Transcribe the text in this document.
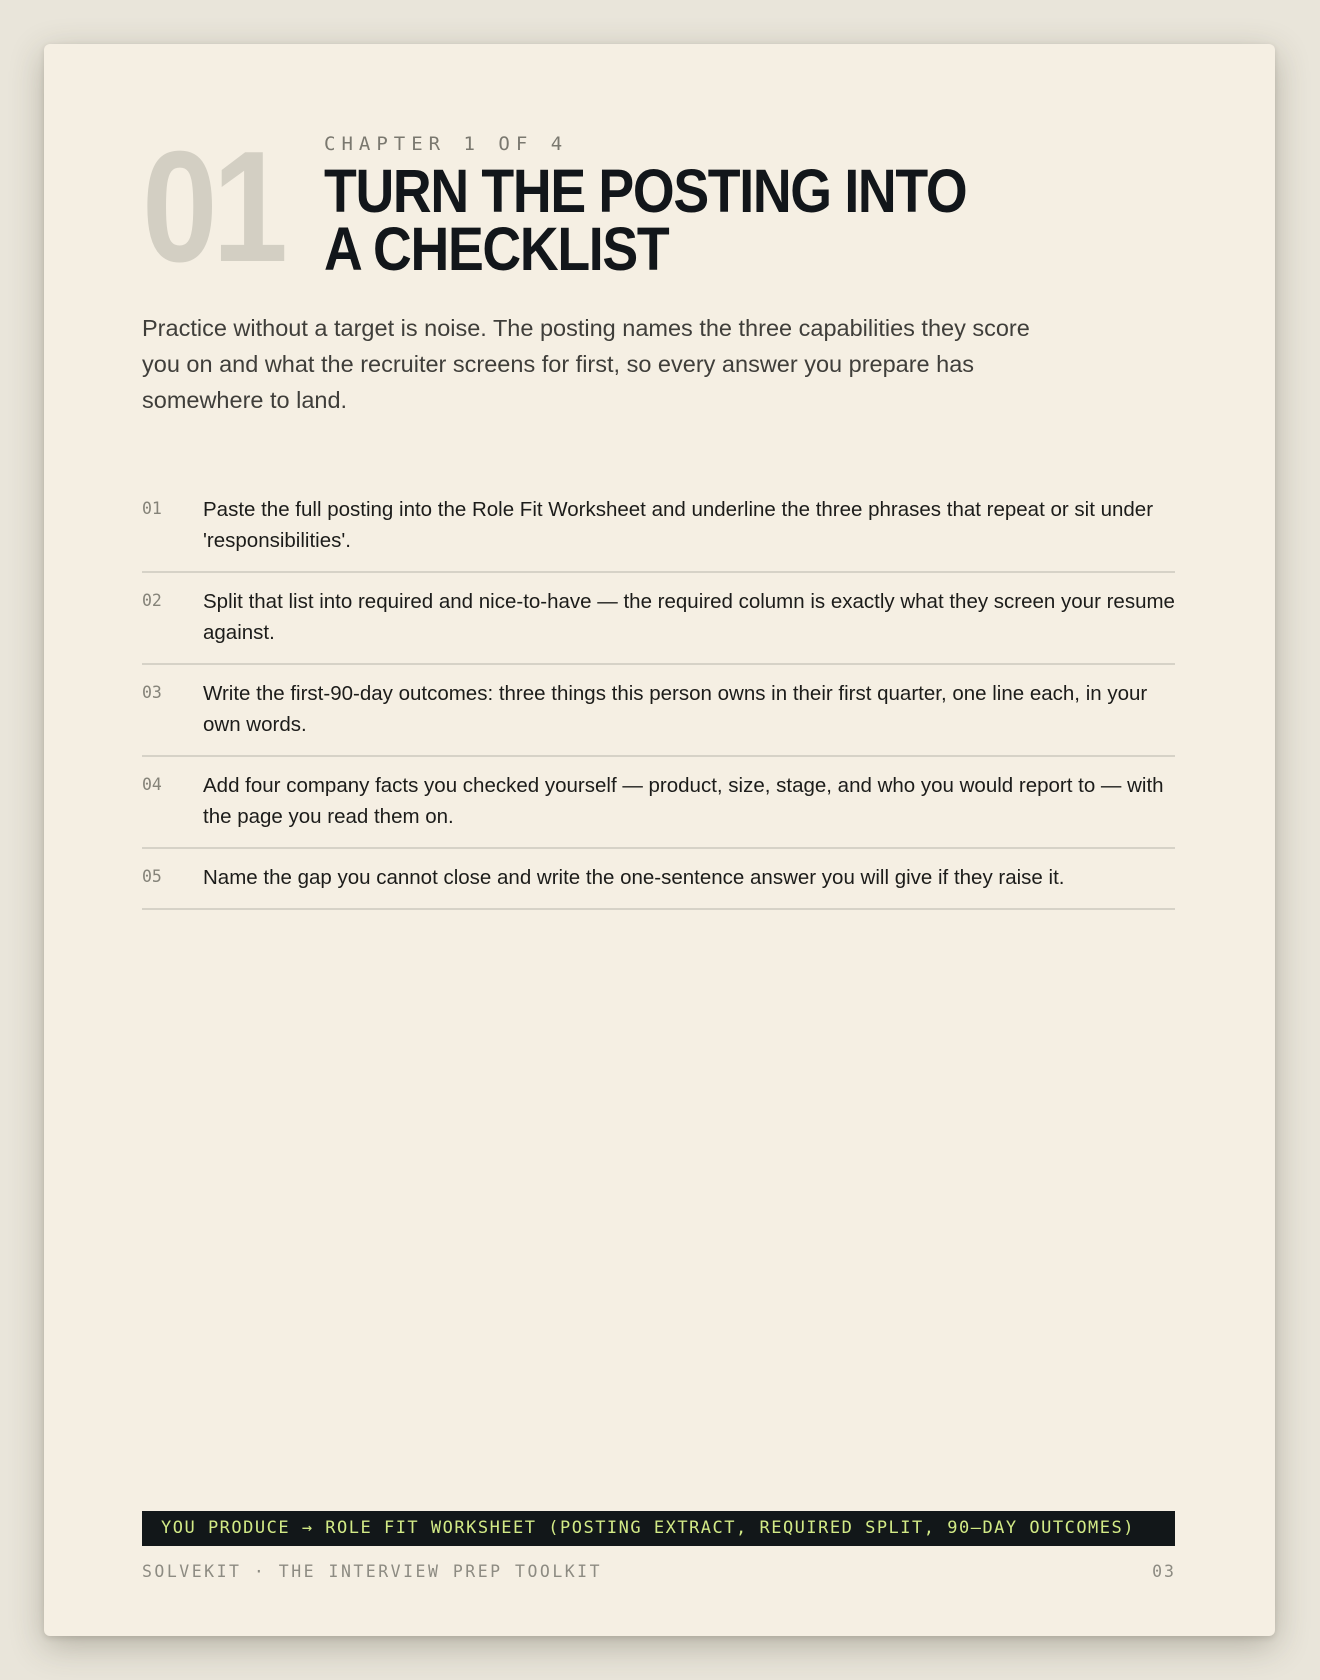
01 CHAPTER 1 OF 4
TURN THE POSTING INTO A CHECKLIST

Practice without a target is noise. The posting names the three capabilities they score you on and what the recruiter screens for first, so every answer you prepare has somewhere to land.

01	Paste the full posting into the Role Fit Worksheet and underline the three phrases that repeat or sit under 'responsibilities'.
02	Split that list into required and nice-to-have — the required column is exactly what they screen your resume against.
03	Write the first-90-day outcomes: three things this person owns in their first quarter, one line each, in your own words.
04	Add four company facts you checked yourself — product, size, stage, and who you would report to — with the page you read them on.
05	Name the gap you cannot close and write the one-sentence answer you will give if they raise it.
YOU PRODUCE → ROLE FIT WORKSHEET (POSTING EXTRACT, REQUIRED SPLIT, 90–DAY OUTCOMES)
SOLVEKIT · THE INTERVIEW PREP TOOLKIT	03
